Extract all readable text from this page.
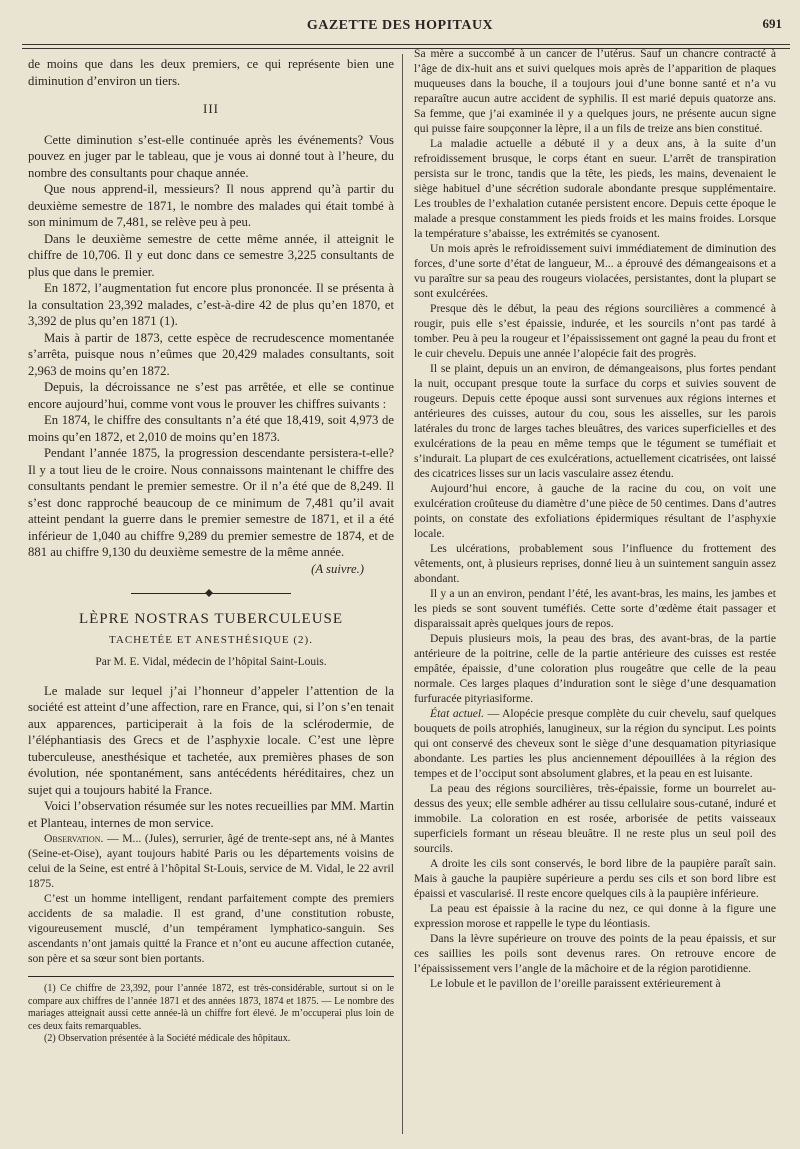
GAZETTE DES HOPITAUX	691

de moins que dans les deux premiers, ce qui représente bien une diminution d’environ un tiers.

III

Cette diminution s’est-elle continuée après les événements? Vous pouvez en juger par le tableau, que je vous ai donné tout à l’heure, du nombre des consultants pour chaque année.

Que nous apprend-il, messieurs? Il nous apprend qu’à partir du deuxième semestre de 1871, le nombre des malades qui était tombé à son minimum de 7,481, se relève peu à peu.

Dans le deuxième semestre de cette même année, il atteignit le chiffre de 10,706. Il y eut donc dans ce semestre 3,225 consultants de plus que dans le premier.

En 1872, l’augmentation fut encore plus prononcée. Il se présenta à la consultation 23,392 malades, c’est-à-dire 42 de plus qu’en 1870, et 3,392 de plus qu’en 1871 (1).

Mais à partir de 1873, cette espèce de recrudescence momentanée s’arrêta, puisque nous n’eûmes que 20,429 malades consultants, soit 2,963 de moins qu’en 1872.

Depuis, la décroissance ne s’est pas arrêtée, et elle se continue encore aujourd’hui, comme vont vous le prouver les chiffres suivants :

En 1874, le chiffre des consultants n’a été que 18,419, soit 4,973 de moins qu’en 1872, et 2,010 de moins qu’en 1873.

Pendant l’année 1875, la progression descendante persistera-t-elle? Il y a tout lieu de le croire. Nous connaissons maintenant le chiffre des consultants pendant le premier semestre. Or il n’a été que de 8,249. Il s’est donc rapproché beaucoup de ce minimum de 7,481 qu’il avait atteint pendant la guerre dans le premier semestre de 1871, et il a été inférieur de 1,040 au chiffre 9,289 du premier semestre de 1874, et de 881 au chiffre 9,130 du deuxième semestre de la même année.

(A suivre.)
LÈPRE NOSTRAS TUBERCULEUSE
TACHETÉE ET ANESTHÉSIQUE (2).
Par M. E. Vidal, médecin de l’hôpital Saint-Louis.

Le malade sur lequel j’ai l’honneur d’appeler l’attention de la société est atteint d’une affection, rare en France, qui, si l’on s’en tenait aux apparences, participerait à la fois de la sclérodermie, de l’éléphantiasis des Grecs et de l’asphyxie locale. C’est une lèpre tuberculeuse, anesthésique et tachetée, aux premières phases de son évolution, née spontanément, sans antécédents héréditaires, chez un sujet qui a toujours habité la France.

Voici l’observation résumée sur les notes recueillies par MM. Martin et Planteau, internes de mon service.

Observation. — M... (Jules), serrurier, âgé de trente-sept ans, né à Mantes (Seine-et-Oise), ayant toujours habité Paris ou les départements voisins de celui de la Seine, est entré à l’hôpital St-Louis, service de M. Vidal, le 22 avril 1875.

C’est un homme intelligent, rendant parfaitement compte des premiers accidents de sa maladie. Il est grand, d’une constitution robuste, vigoureusement musclé, d’un tempérament lymphatico-sanguin. Ses ascendants n’ont jamais quitté la France et n’ont eu aucune affection cutanée, son père et sa sœur sont bien portants.

(1) Ce chiffre de 23,392, pour l’année 1872, est très-considérable, surtout si on le compare aux chiffres de l’année 1871 et des années 1873, 1874 et 1875. — Le nombre des mariages atteignait aussi cette année-là un chiffre fort élevé. Je m’occuperai plus loin de ces deux faits remarquables.

(2) Observation présentée à la Société médicale des hôpitaux.

Sa mère a succombé à un cancer de l’utérus. Sauf un chancre contracté à l’âge de dix-huit ans et suivi quelques mois après de l’apparition de plaques muqueuses dans la bouche, il a toujours joui d’une bonne santé et n’a vu reparaître aucun autre accident de syphilis. Il est marié depuis quatorze ans. Sa femme, que j’ai examinée il y a quelques jours, ne présente aucun signe qui puisse faire soupçonner la lèpre, il a un fils de treize ans bien constitué.

La maladie actuelle a débuté il y a deux ans, à la suite d’un refroidissement brusque, le corps étant en sueur. L’arrêt de transpiration persista sur le tronc, tandis que la tête, les pieds, les mains, devenaient le siège habituel d’une sécrétion sudorale abondante presque supplémentaire. Les troubles de l’exhalation cutanée persistent encore. Depuis cette époque le malade a presque constamment les pieds froids et les mains froides. Lorsque la température s’abaisse, les extrémités se cyanosent.

Un mois après le refroidissement suivi immédiatement de diminution des forces, d’une sorte d’état de langueur, M... a éprouvé des démangeaisons et a vu paraître sur sa peau des rougeurs violacées, persistantes, dont la plupart se sont exulcérées.

Presque dès le début, la peau des régions sourcilières a commencé à rougir, puis elle s’est épaissie, indurée, et les sourcils n’ont pas tardé à tomber. Peu à peu la rougeur et l’épaississement ont gagné la peau du front et le cuir chevelu. Depuis une année l’alopécie fait des progrès.

Il se plaint, depuis un an environ, de démangeaisons, plus fortes pendant la nuit, occupant presque toute la surface du corps et suivies souvent de rougeurs. Depuis cette époque aussi sont survenues aux régions internes et antérieures des cuisses, autour du cou, sous les aisselles, sur les parois latérales du tronc de larges taches bleuâtres, des varices superficielles et des exulcérations de la peau en même temps que le tégument se tuméfiait et s’indurait. La plupart de ces exulcérations, actuellement cicatrisées, ont laissé des cicatrices lisses sur un lacis vasculaire assez étendu.

Aujourd’hui encore, à gauche de la racine du cou, on voit une exulcération croûteuse du diamètre d’une pièce de 50 centimes. Dans d’autres points, on constate des exfoliations épidermiques résultant de l’asphyxie locale.

Les ulcérations, probablement sous l’influence du frottement des vêtements, ont, à plusieurs reprises, donné lieu à un suintement sanguin assez abondant.

Il y a un an environ, pendant l’été, les avant-bras, les mains, les jambes et les pieds se sont souvent tuméfiés. Cette sorte d’œdème était passager et disparaissait après quelques jours de repos.

Depuis plusieurs mois, la peau des bras, des avant-bras, de la partie antérieure de la poitrine, celle de la partie antérieure des cuisses est restée empâtée, épaissie, d’une coloration plus rougeâtre que celle de la peau normale. Ces larges plaques d’induration sont le siège d’une desquamation furfuracée pityriasiforme.

État actuel. — Alopécie presque complète du cuir chevelu, sauf quelques bouquets de poils atrophiés, lanugineux, sur la région du synciput. Les points qui ont conservé des cheveux sont le siège d’une desquamation pityriasique abondante. Les parties les plus anciennement dépouillées à la région des tempes et de l’occiput sont absolument glabres, et la peau en est luisante.

La peau des régions sourcilières, très-épaissie, forme un bourrelet au-dessus des yeux; elle semble adhérer au tissu cellulaire sous-cutané, induré et immobile. La coloration en est rosée, arborisée de petits vaisseaux superficiels formant un réseau bleuâtre. Il ne reste plus un seul poil des sourcils.

A droite les cils sont conservés, le bord libre de la paupière paraît sain. Mais à gauche la paupière supérieure a perdu ses cils et son bord libre est épaissi et vascularisé. Il reste encore quelques cils à la paupière inférieure.

La peau est épaissie à la racine du nez, ce qui donne à la figure une expression morose et rappelle le type du léontiasis.

Dans la lèvre supérieure on trouve des points de la peau épaissis, et sur ces saillies les poils sont devenus rares. On retrouve encore de l’épaississement vers l’angle de la mâchoire et de la région parotidienne.

Le lobule et le pavillon de l’oreille paraissent extérieurement à
